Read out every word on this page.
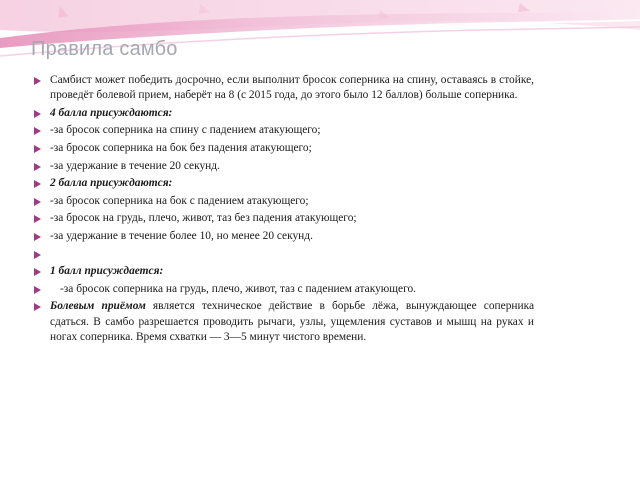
Правила самбо
Самбист может победить досрочно, если выполнит бросок соперника на спину, оставаясь в стойке, проведёт болевой прием, наберёт на 8 (с 2015 года, до этого было 12 баллов) больше соперника.
4 балла присуждаются:
-за бросок соперника на спину с падением атакующего;
-за бросок соперника на бок без падения атакующего;
-за удержание в течение 20 секунд.
2 балла присуждаются:
-за бросок соперника на бок с падением атакующего;
-за бросок на грудь, плечо, живот, таз без падения атакующего;
-за удержание в течение более 10, но менее 20 секунд.
1 балл присуждается:
-за бросок соперника на грудь, плечо, живот, таз с падением атакующего.
Болевым приёмом является техническое действие в борьбе лёжа, вынуждающее соперника сдаться. В самбо разрешается проводить рычаги, узлы, ущемления суставов и мышц на руках и ногах соперника. Время схватки — 3—5 минут чистого времени.
